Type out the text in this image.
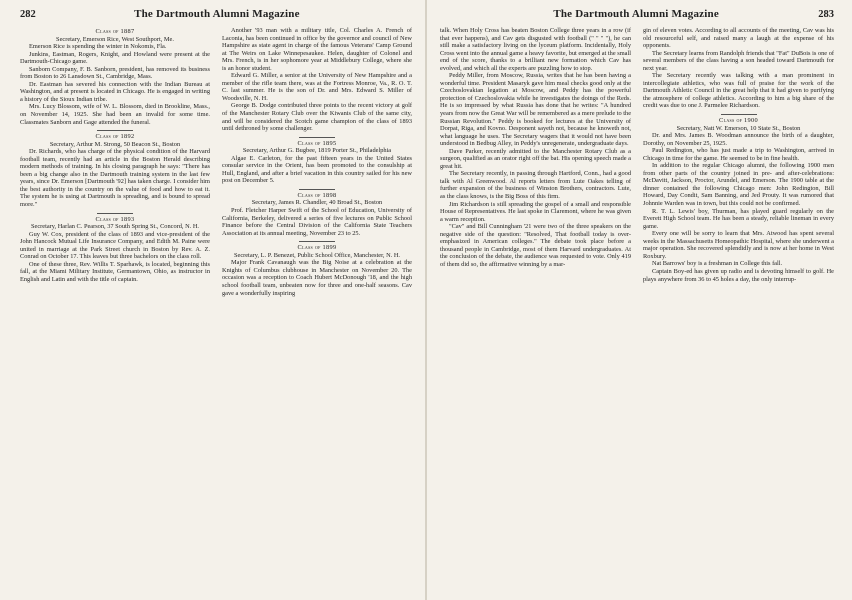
282	The Dartmouth Alumni Magazine

Class of 1887

Secretary, Emerson Rice, West Southport, Me.

Emerson Rice is spending the winter in Nokomis, Fla.

Junkins, Eastman, Rogers, Knight, and Howland were present at the Dartmouth-Chicago game.

Sanborn Company, F. B. Sanborn, president, has removed its business from Boston to 26 Lansdown St., Cambridge, Mass.

Dr. Eastman has severed his connection with the Indian Bureau at Washington, and at present is located in Chicago. He is engaged in writing a history of the Sioux Indian tribe.

Mrs. Lucy Blossom, wife of W. L. Blossom, died in Brookline, Mass., on November 14, 1925. She had been an invalid for some time. Classmates Sanborn and Gage attended the funeral.

Class of 1892

Secretary, Arthur M. Strong, 50 Beacon St., Boston

Dr. Richards, who has charge of the physical condition of the Harvard football team, recently had an article in the Boston Herald describing modern methods of training. In his closing paragraph he says: "There has been a big change also in the Dartmouth training system in the last few years, since Dr. Emerson [Dartmouth '92] has taken charge. I consider him the best authority in the country on the value of food and how to eat it. The system he is using at Dartmouth is spreading, and is bound to spread more."

Class of 1893

Secretary, Harlan C. Pearson, 37 South Spring St., Concord, N. H.

Guy W. Cox, president of the class of 1893 and vice-president of the John Hancock Mutual Life Insurance Company, and Edith M. Paine were united in marriage at the Park Street church in Boston by Rev. A. Z. Conrad on October 17. This leaves but three bachelors on the class roll.

One of these three, Rev. Willis T. Sparhawk, is located, beginning this fall, at the Miami Military Institute, Germantown, Ohio, as instructor in English and Latin and with the title of captain.

Another '93 man with a military title, Col. Charles A. French of Laconia, has been continued in office by the governor and council of New Hampshire as state agent in charge of the famous Veterans' Camp Ground at The Weirs on Lake Winnepesaukee. Helen, daughter of Colonel and Mrs. French, is in her sophomore year at Middlebury College, where she is an honor student.

Edward G. Miller, a senior at the University of New Hampshire and a member of the rifle team there, was at the Fortress Monroe, Va., R. O. T. C. last summer. He is the son of Dr. and Mrs. Edward S. Miller of Woodsville, N. H.

George B. Dodge contributed three points to the recent victory at golf of the Manchester Rotary Club over the Kiwanis Club of the same city, and will be considered the Scotch game champion of the class of 1893 until dethroned by some challenger.

Class of 1895

Secretary, Arthur G. Bugbee, 1819 Porter St., Philadelphia

Algae E. Carleton, for the past fifteen years in the United States consular service in the Orient, has been promoted to the consulship at Hull, England, and after a brief vacation in this country sailed for his new post on December 5.

Class of 1898

Secretary, James R. Chandler, 40 Broad St., Boston

Prof. Fletcher Harper Swift of the School of Education, University of California, Berkeley, delivered a series of five lectures on Public School Finance before the Central Division of the California State Teachers Association at its annual meeting, November 23 to 25.

Class of 1899

Secretary, L. P. Benezet, Public School Office, Manchester, N. H.

Major Frank Cavanaugh was the Big Noise at a celebration at the Knights of Columbus clubhouse in Manchester on November 20. The occasion was a reception to Coach Hubert McDonough '18, and the high school football team, unbeaten now for three and one-half seasons. Cav gave a wonderfully inspiring

The Dartmouth Alumni Magazine	283

talk. When Holy Cross has beaten Boston College three years in a row (if that ever happens), and Cav gets disgusted with football (" " " "), he can still make a satisfactory living on the lyceum platform. Incidentally, Holy Cross went into the annual game a heavy favorite, but emerged at the small end of the score, thanks to a brilliant new formation which Cav has evolved, and which all the experts are puzzling how to stop.

Peddy Miller, from Moscow, Russia, writes that he has been having a wonderful time. President Masaryk gave him meal checks good only at the Czechoslovakian legation at Moscow, and Peddy has the powerful protection of Czechoslovakia while he investigates the doings of the Reds. He is so impressed by what Russia has done that he writes: "A hundred years from now the Great War will be remembered as a mere prelude to the Russian Revolution." Peddy is booked for lectures at the University of Dorpat, Riga, and Kovno. Desponent sayeth not, because he knoweth not, what language he uses. The Secretary wagers that it would not have been understood in Bedbug Alley, in Peddy's unregenerate, undergraduate days.

Dave Parker, recently admitted to the Manchester Rotary Club as a surgeon, qualified as an orator right off the bat. His opening speech made a great hit.

The Secretary recently, in passing through Hartford, Conn., had a good talk with Al Greenwood. Al reports letters from Lute Oakes telling of further expansion of the business of Winston Brothers, contractors. Lute, as the class knows, is the Big Boss of this firm.

Jim Richardson is still spreading the gospel of a small and responsible House of Representatives. He last spoke in Claremont, where he was given a warm reception.

"Cav" and Bill Cunningham '21 were two of the three speakers on the negative side of the question: "Resolved, That football today is over-emphasized in American colleges." The debate took place before a thousand people in Cambridge, most of them Harvard undergraduates. At the conclusion of the debate, the audience was requested to vote. Only 419 of them did so, the affirmative winning by a mar-

gin of eleven votes. According to all accounts of the meeting, Cav was his old resourceful self, and raised many a laugh at the expense of his opponents.

The Secretary learns from Randolph friends that "Fat" DuBois is one of several members of the class having a son headed toward Dartmouth for next year.

The Secretary recently was talking with a man prominent in intercollegiate athletics, who was full of praise for the work of the Dartmouth Athletic Council in the great help that it had given to purifying the atmosphere of college athletics. According to him a big share of the credit was due to one J. Parmelee Richardson.

Class of 1900

Secretary, Natt W. Emerson, 10 State St., Boston

Dr. and Mrs. James B. Woodman announce the birth of a daughter, Dorothy, on November 25, 1925.

Paul Redington, who has just made a trip to Washington, arrived in Chicago in time for the game. He seemed to be in fine health.

In addition to the regular Chicago alumni, the following 1900 men from other parts of the country joined in pre- and after-celebrations: McDavitt, Jackson, Proctor, Arundel, and Emerson. The 1900 table at the dinner contained the following Chicago men: John Redington, Bill Howard, Day Condit, Sam Banning, and Jed Prouty. It was rumored that Johnnie Warden was in town, but this could not be confirmed.

R. T. L. Lewis' boy, Thurman, has played guard regularly on the Everett High School team. He has been a steady, reliable lineman in every game.

Every one will be sorry to learn that Mrs. Atwood has spent several weeks in the Massachusetts Homeopathic Hospital, where she underwent a major operation. She recovered splendidly and is now at her home in West Roxbury.

Nat Barrows' boy is a freshman in College this fall.

Captain Boy-ed has given up radio and is devoting himself to golf. He plays anywhere from 36 to 45 holes a day, the only interrup-
